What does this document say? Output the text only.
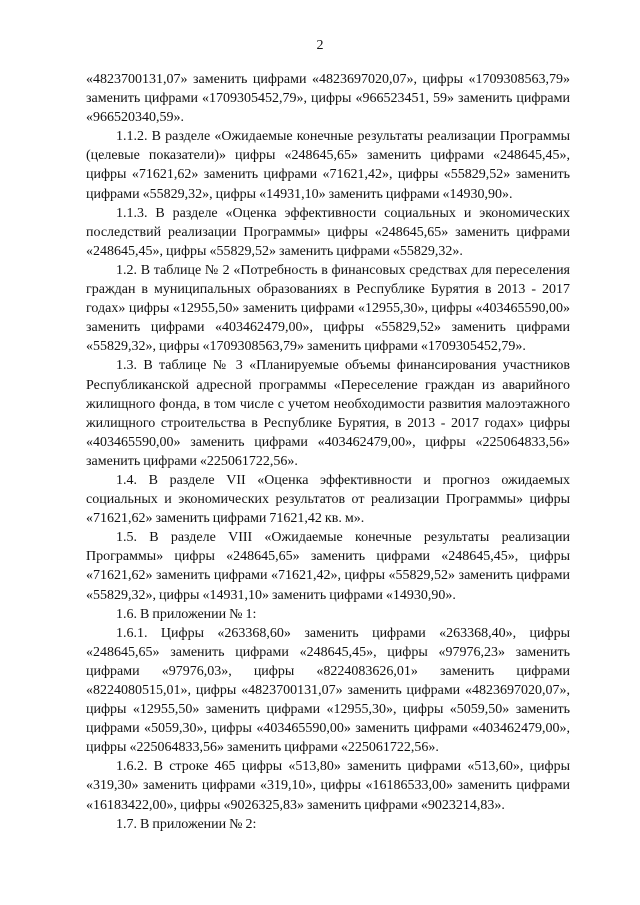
2

«4823700131,07» заменить цифрами «4823697020,07», цифры «1709308563,79» заменить цифрами «1709305452,79», цифры «966523451, 59» заменить цифрами «966520340,59».

1.1.2. В разделе «Ожидаемые конечные результаты реализации Программы (целевые показатели)» цифры «248645,65» заменить цифрами «248645,45», цифры «71621,62» заменить цифрами «71621,42», цифры «55829,52» заменить цифрами «55829,32», цифры «14931,10» заменить цифрами «14930,90».

1.1.3. В разделе «Оценка эффективности социальных и экономических последствий реализации Программы» цифры «248645,65» заменить цифрами «248645,45», цифры «55829,52» заменить цифрами «55829,32».

1.2. В таблице № 2 «Потребность в финансовых средствах для переселения граждан в муниципальных образованиях в Республике Бурятия в 2013 - 2017 годах» цифры «12955,50» заменить цифрами «12955,30», цифры «403465590,00» заменить цифрами «403462479,00», цифры «55829,52» заменить цифрами «55829,32», цифры «1709308563,79» заменить цифрами «1709305452,79».

1.3. В таблице № 3 «Планируемые объемы финансирования участников Республиканской адресной программы «Переселение граждан из аварийного жилищного фонда, в том числе с учетом необходимости развития малоэтажного жилищного строительства в Республике Бурятия, в 2013 - 2017 годах» цифры «403465590,00» заменить цифрами «403462479,00», цифры «225064833,56» заменить цифрами «225061722,56».

1.4. В разделе VII «Оценка эффективности и прогноз ожидаемых социальных и экономических результатов от реализации Программы» цифры «71621,62» заменить цифрами 71621,42 кв. м».

1.5. В разделе VIII «Ожидаемые конечные результаты реализации Программы» цифры «248645,65» заменить цифрами «248645,45», цифры «71621,62» заменить цифрами «71621,42», цифры «55829,52» заменить цифрами «55829,32», цифры «14931,10» заменить цифрами «14930,90».

1.6. В приложении № 1:

1.6.1. Цифры «263368,60» заменить цифрами «263368,40», цифры «248645,65» заменить цифрами «248645,45», цифры «97976,23» заменить цифрами «97976,03», цифры «8224083626,01» заменить цифрами «8224080515,01», цифры «4823700131,07» заменить цифрами «4823697020,07», цифры «12955,50» заменить цифрами «12955,30», цифры «5059,50» заменить цифрами «5059,30», цифры «403465590,00» заменить цифрами «403462479,00», цифры «225064833,56» заменить цифрами «225061722,56».

1.6.2. В строке 465 цифры «513,80» заменить цифрами «513,60», цифры «319,30» заменить цифрами «319,10», цифры «16186533,00» заменить цифрами «16183422,00», цифры «9026325,83» заменить цифрами «9023214,83».

1.7. В приложении № 2:
